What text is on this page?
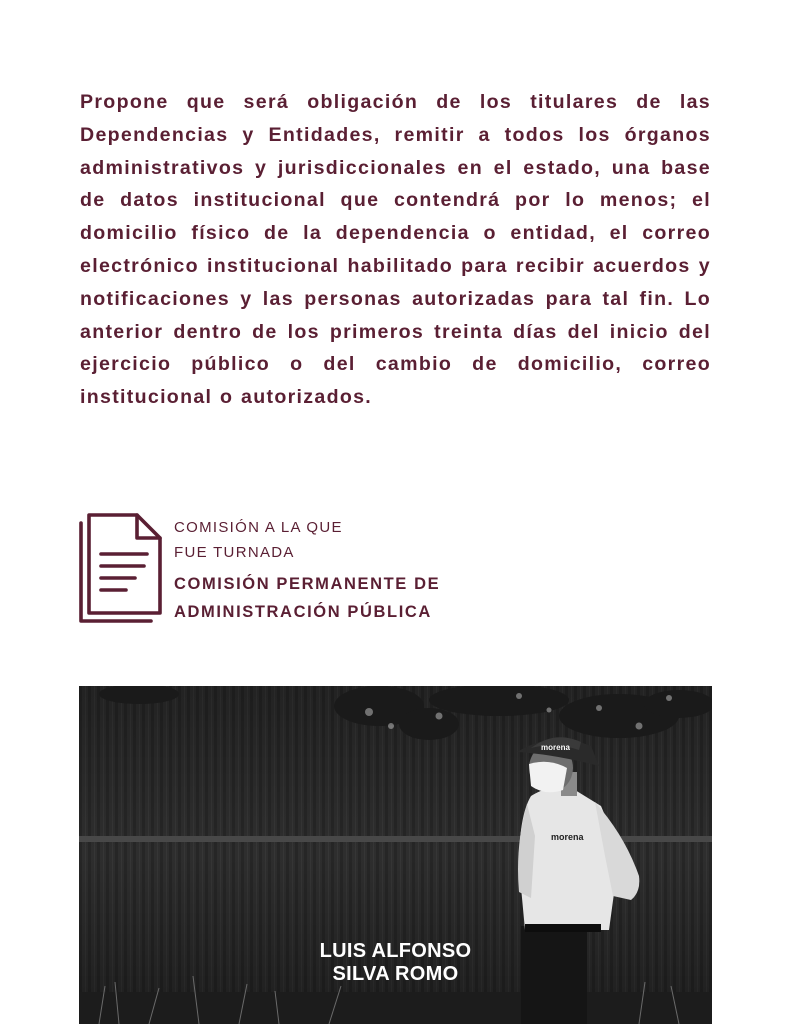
Propone que será obligación de los titulares de las Dependencias y Entidades, remitir a todos los órganos administrativos y jurisdiccionales en el estado, una base de datos institucional que contendrá por lo menos; el domicilio físico de la dependencia o entidad, el correo electrónico institucional habilitado para recibir acuerdos y notificaciones y las personas autorizadas para tal fin. Lo anterior dentro de los primeros treinta días del inicio del ejercicio público o del cambio de domicilio, correo institucional o autorizados.

COMISIÓN A LA QUE
FUE TURNADA
COMISIÓN PERMANENTE DE
ADMINISTRACIÓN PÚBLICA
morena
morena
LUIS ALFONSO
SILVA ROMO
